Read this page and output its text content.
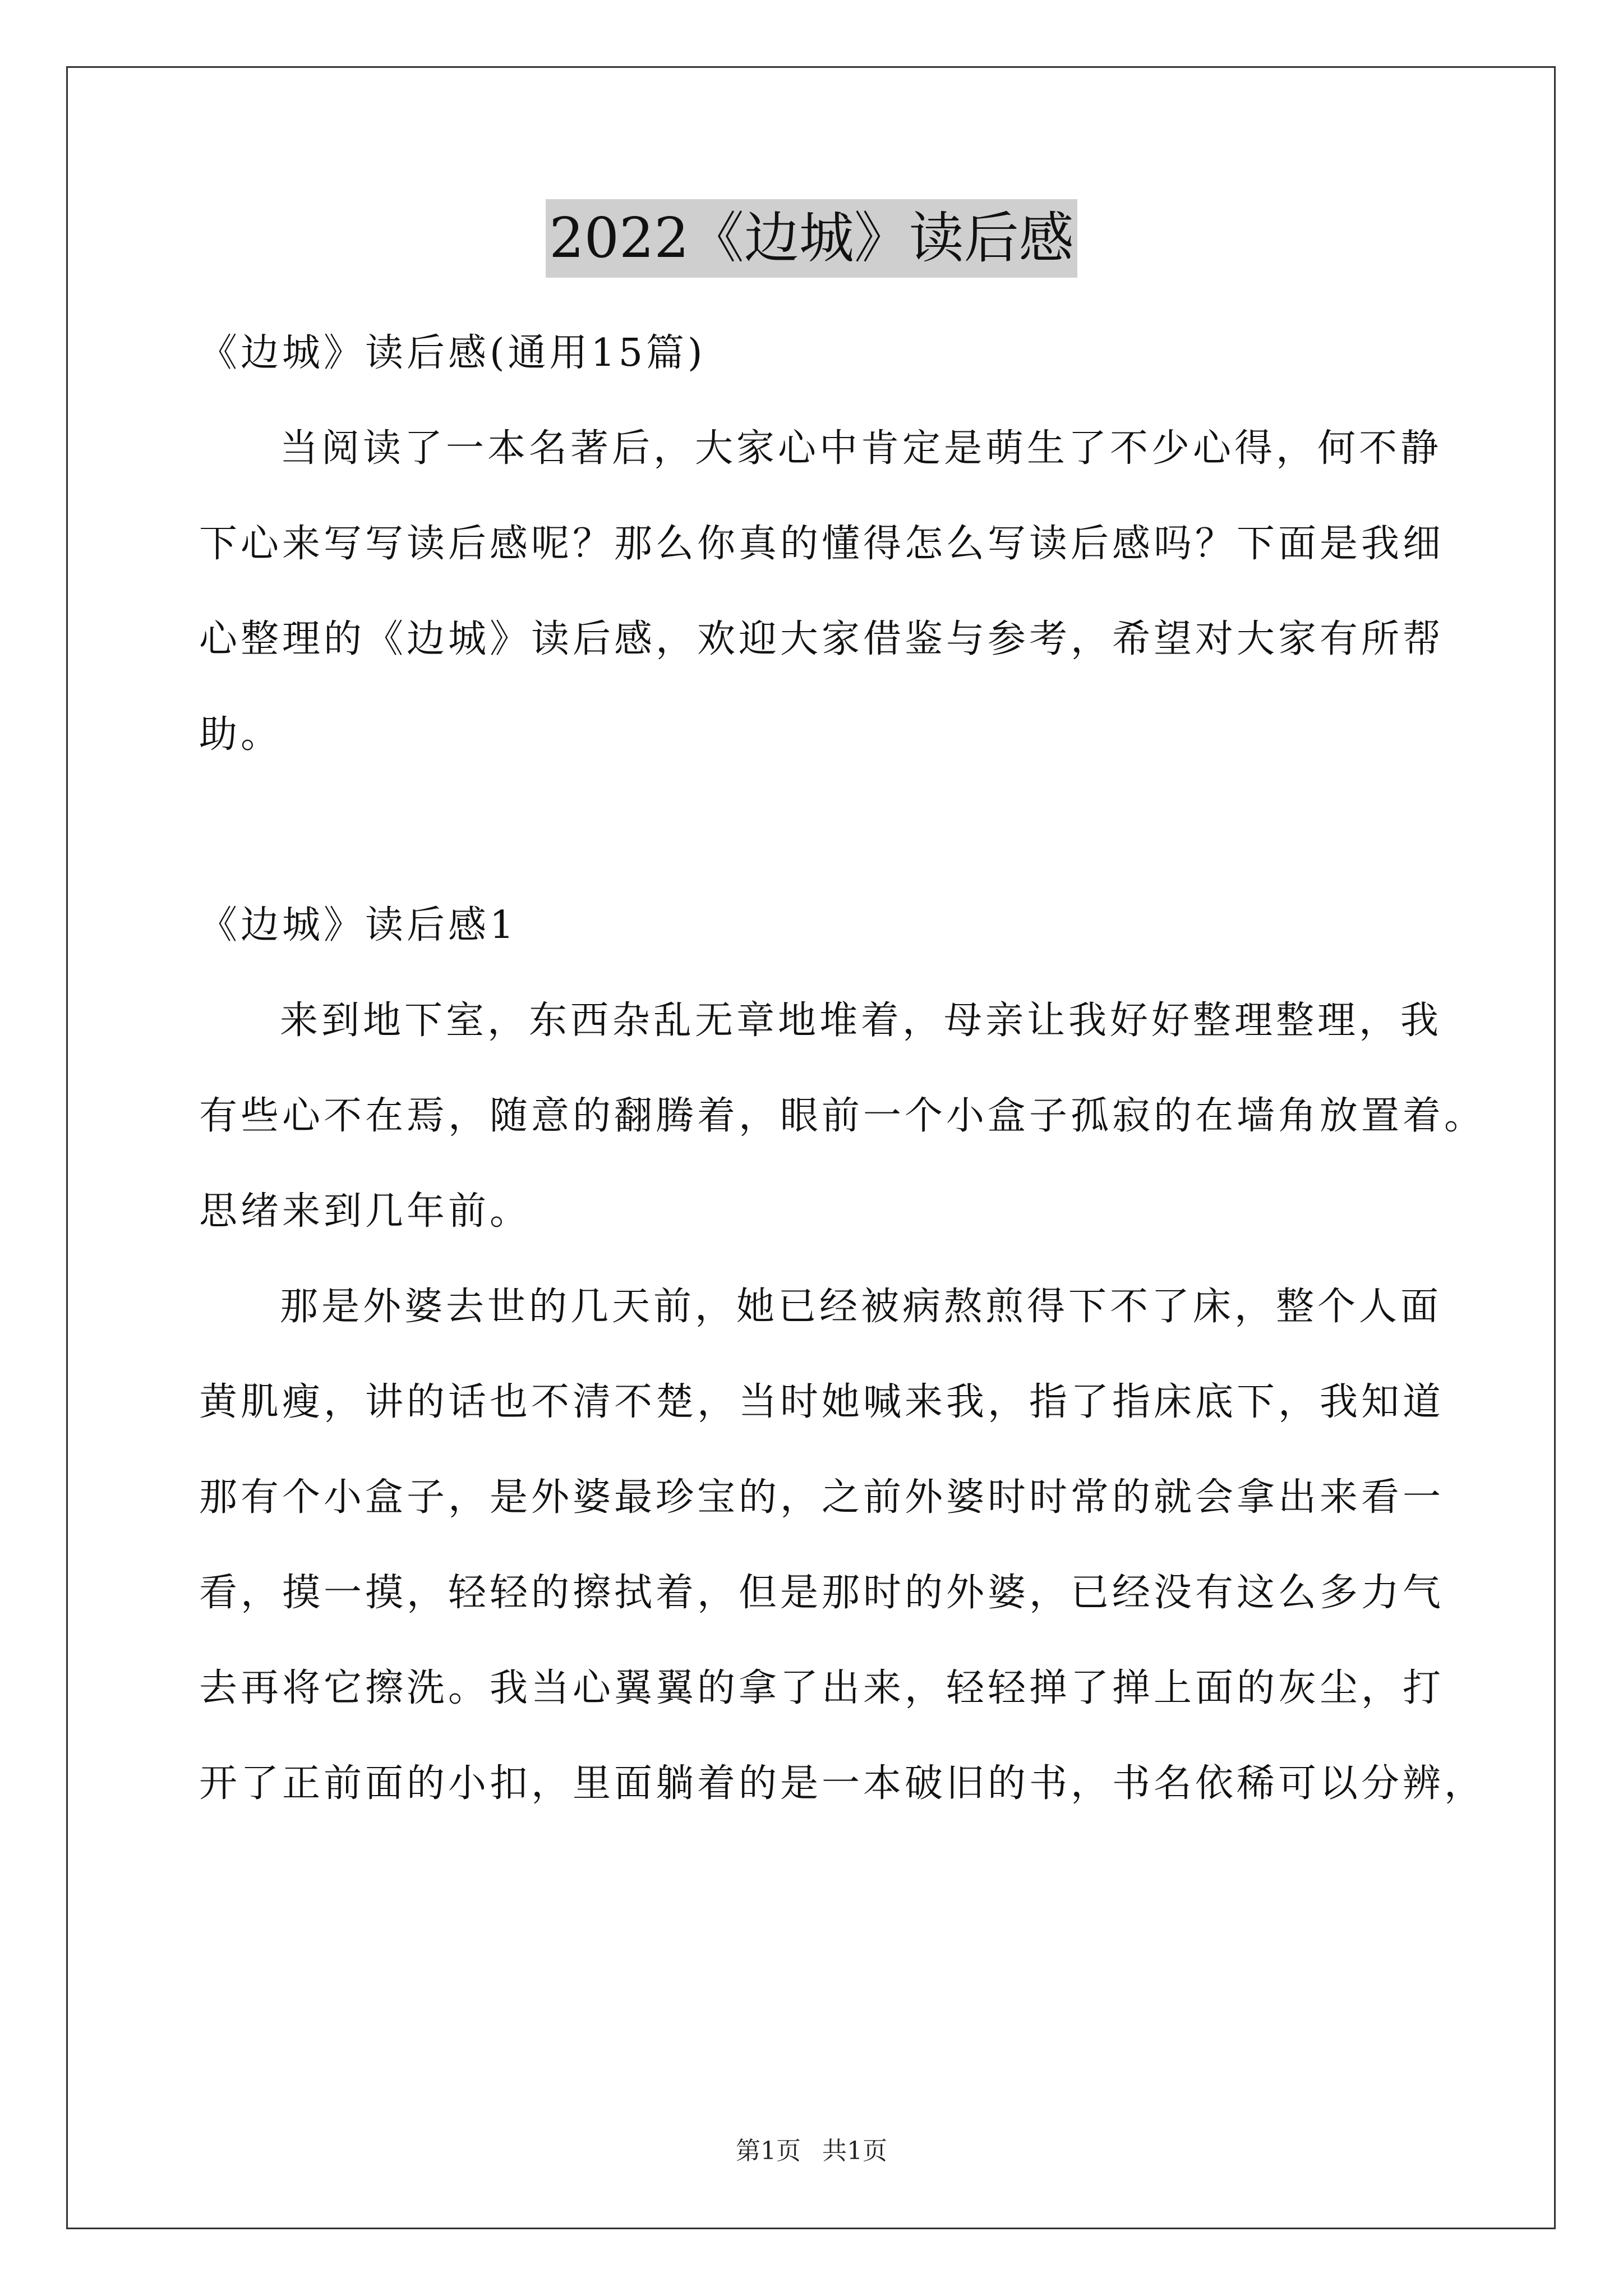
2022《边城》读后感
《边城》读后感(通用15篇)
当阅读了一本名著后，大家心中肯定是萌生了不少心得，何不静
下心来写写读后感呢？那么你真的懂得怎么写读后感吗？下面是我细
心整理的《边城》读后感，欢迎大家借鉴与参考，希望对大家有所帮
助。
《边城》读后感1
来到地下室，东西杂乱无章地堆着，母亲让我好好整理整理，我
有些心不在焉，随意的翻腾着，眼前一个小盒子孤寂的在墙角放置着。
思绪来到几年前。
那是外婆去世的几天前，她已经被病熬煎得下不了床，整个人面
黄肌瘦，讲的话也不清不楚，当时她喊来我，指了指床底下，我知道
那有个小盒子，是外婆最珍宝的，之前外婆时时常的就会拿出来看一
看，摸一摸，轻轻的擦拭着，但是那时的外婆，已经没有这么多力气
去再将它擦洗。我当心翼翼的拿了出来，轻轻掸了掸上面的灰尘，打
开了正前面的小扣，里面躺着的是一本破旧的书，书名依稀可以分辨，
第1页 共1页
